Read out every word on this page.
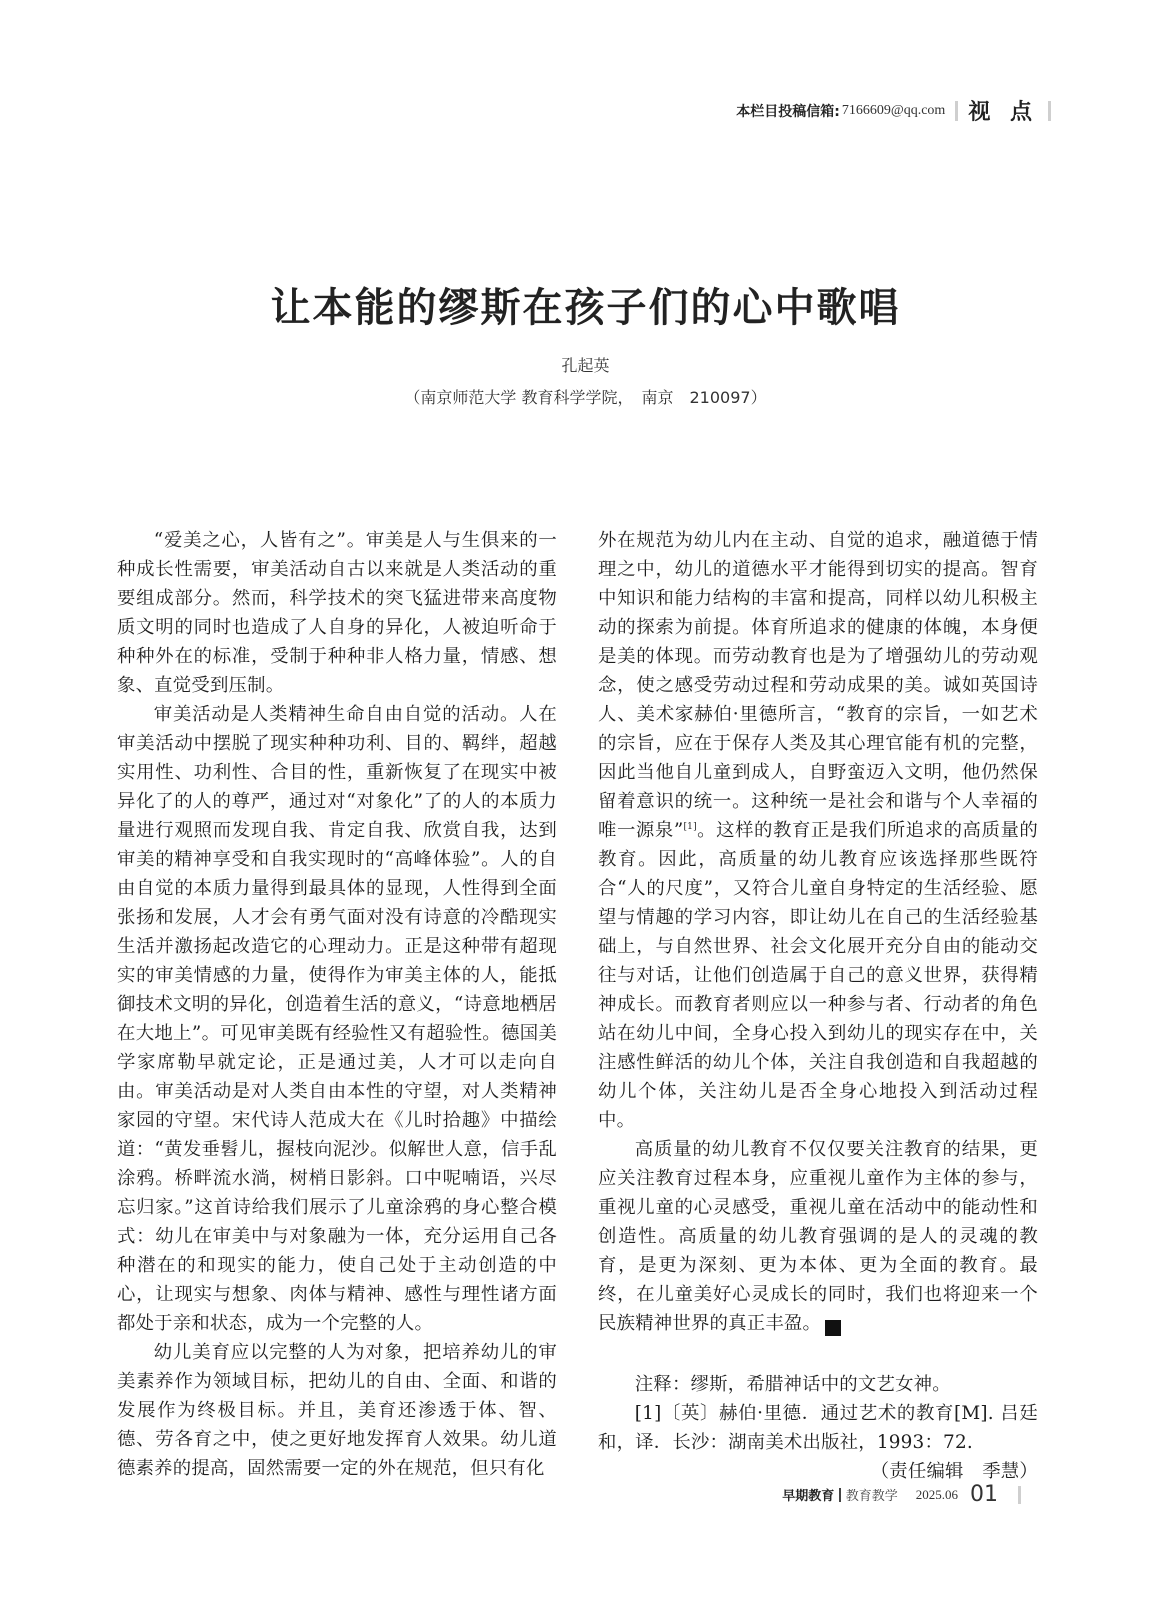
本栏目投稿信箱: 7166609@qq.com 视 点
让本能的缪斯在孩子们的心中歌唱
孔起英
（南京师范大学 教育科学学院，　南京　210097）

“爱美之心，人皆有之”。审美是人与生俱来的一种成长性需要，审美活动自古以来就是人类活动的重要组成部分。然而，科学技术的突飞猛进带来高度物质文明的同时也造成了人自身的异化，人被迫听命于种种外在的标准，受制于种种非人格力量，情感、想象、直觉受到压制。

审美活动是人类精神生命自由自觉的活动。人在审美活动中摆脱了现实种种功利、目的、羁绊，超越实用性、功利性、合目的性，重新恢复了在现实中被异化了的人的尊严，通过对“对象化”了的人的本质力量进行观照而发现自我、肯定自我、欣赏自我，达到审美的精神享受和自我实现时的“高峰体验”。人的自由自觉的本质力量得到最具体的显现，人性得到全面张扬和发展，人才会有勇气面对没有诗意的冷酷现实生活并激扬起改造它的心理动力。正是这种带有超现实的审美情感的力量，使得作为审美主体的人，能抵御技术文明的异化，创造着生活的意义，“诗意地栖居在大地上”。可见审美既有经验性又有超验性。德国美学家席勒早就定论，正是通过美，人才可以走向自由。审美活动是对人类自由本性的守望，对人类精神家园的守望。宋代诗人范成大在《儿时拾趣》中描绘道：“黄发垂髫儿，握枝向泥沙。似解世人意，信手乱涂鸦。桥畔流水淌，树梢日影斜。口中呢喃语，兴尽忘归家。”这首诗给我们展示了儿童涂鸦的身心整合模式：幼儿在审美中与对象融为一体，充分运用自己各种潜在的和现实的能力，使自己处于主动创造的中心，让现实与想象、肉体与精神、感性与理性诸方面都处于亲和状态，成为一个完整的人。

幼儿美育应以完整的人为对象，把培养幼儿的审美素养作为领域目标，把幼儿的自由、全面、和谐的发展作为终极目标。并且，美育还渗透于体、智、德、劳各育之中，使之更好地发挥育人效果。幼儿道德素养的提高，固然需要一定的外在规范，但只有化

外在规范为幼儿内在主动、自觉的追求，融道德于情理之中，幼儿的道德水平才能得到切实的提高。智育中知识和能力结构的丰富和提高，同样以幼儿积极主动的探索为前提。体育所追求的健康的体魄，本身便是美的体现。而劳动教育也是为了增强幼儿的劳动观念，使之感受劳动过程和劳动成果的美。诚如英国诗人、美术家赫伯·里德所言，“教育的宗旨，一如艺术的宗旨，应在于保存人类及其心理官能有机的完整，因此当他自儿童到成人，自野蛮迈入文明，他仍然保留着意识的统一。这种统一是社会和谐与个人幸福的唯一源泉”[1]。这样的教育正是我们所追求的高质量的教育。因此，高质量的幼儿教育应该选择那些既符合“人的尺度”，又符合儿童自身特定的生活经验、愿望与情趣的学习内容，即让幼儿在自己的生活经验基础上，与自然世界、社会文化展开充分自由的能动交往与对话，让他们创造属于自己的意义世界，获得精神成长。而教育者则应以一种参与者、行动者的角色站在幼儿中间，全身心投入到幼儿的现实存在中，关注感性鲜活的幼儿个体，关注自我创造和自我超越的幼儿个体，关注幼儿是否全身心地投入到活动过程中。

高质量的幼儿教育不仅仅要关注教育的结果，更应关注教育过程本身，应重视儿童作为主体的参与，重视儿童的心灵感受，重视儿童在活动中的能动性和创造性。高质量的幼儿教育强调的是人的灵魂的教育，是更为深刻、更为本体、更为全面的教育。最终，在儿童美好心灵成长的同时，我们也将迎来一个民族精神世界的真正丰盈。	☺

注释：缪斯，希腊神话中的文艺女神。

[1]〔英〕赫伯·里德．通过艺术的教育[M]. 吕廷和，译．长沙：湖南美术出版社，1993：72.

（责任编辑　季慧）

早期教育 教育教学 2025.06 01
